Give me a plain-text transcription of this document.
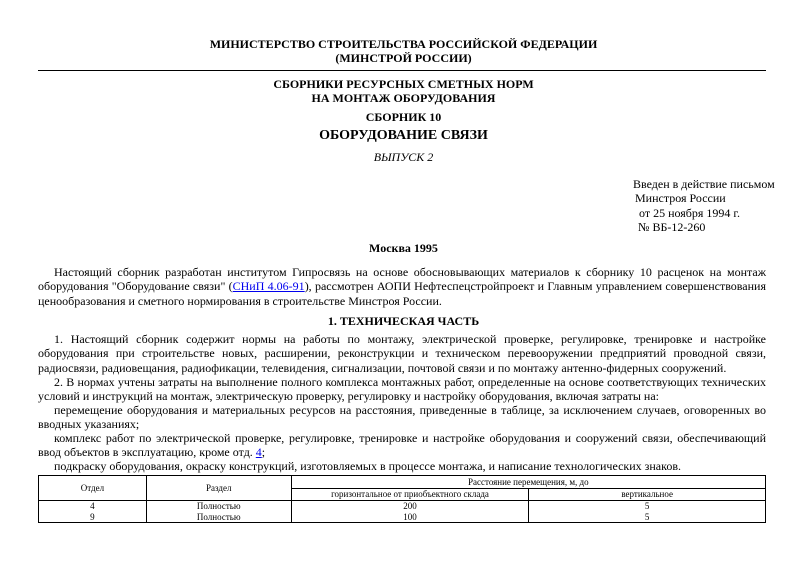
МИНИСТЕРСТВО СТРОИТЕЛЬСТВА РОССИЙСКОЙ ФЕДЕРАЦИИ
(МИНСТРОЙ РОССИИ)
СБОРНИКИ РЕСУРСНЫХ СМЕТНЫХ НОРМ
НА МОНТАЖ ОБОРУДОВАНИЯ
СБОРНИК 10
ОБОРУДОВАНИЕ СВЯЗИ
ВЫПУСК 2
Введен в действие письмом
Минстроя России
от 25 ноября 1994 г.
№ ВБ-12-260
Москва 1995
Настоящий сборник разработан институтом Гипросвязь на основе обосновывающих материалов к сборнику 10 расценок на монтаж оборудования "Оборудование связи" (СНиП 4.06-91), рассмотрен АОПИ Нефтеспецстройпроект и Главным управлением совершенствования ценообразования и сметного нормирования в строительстве Минстроя России.
1. ТЕХНИЧЕСКАЯ ЧАСТЬ
1. Настоящий сборник содержит нормы на работы по монтажу, электрической проверке, регулировке, тренировке и настройке оборудования при строительстве новых, расширении, реконструкции и техническом перевооружении предприятий проводной связи, радиосвязи, радиовещания, радиофикации, телевидения, сигнализации, почтовой связи и по монтажу антенно-фидерных сооружений.
2. В нормах учтены затраты на выполнение полного комплекса монтажных работ, определенные на основе соответствующих технических условий и инструкций на монтаж, электрическую проверку, регулировку и настройку оборудования, включая затраты на:
перемещение оборудования и материальных ресурсов на расстояния, приведенные в таблице, за исключением случаев, оговоренных во вводных указаниях;
комплекс работ по электрической проверке, регулировке, тренировке и настройке оборудования и сооружений связи, обеспечивающий ввод объектов в эксплуатацию, кроме отд. 4;
подкраску оборудования, окраску конструкций, изготовляемых в процессе монтажа, и написание технологических знаков.
Отдел	Раздел	Расстояние перемещения, м, до	
		горизонтальное от приобъектного склада	вертикальное
4	Полностью	200	5
9	Полностью	100	5
